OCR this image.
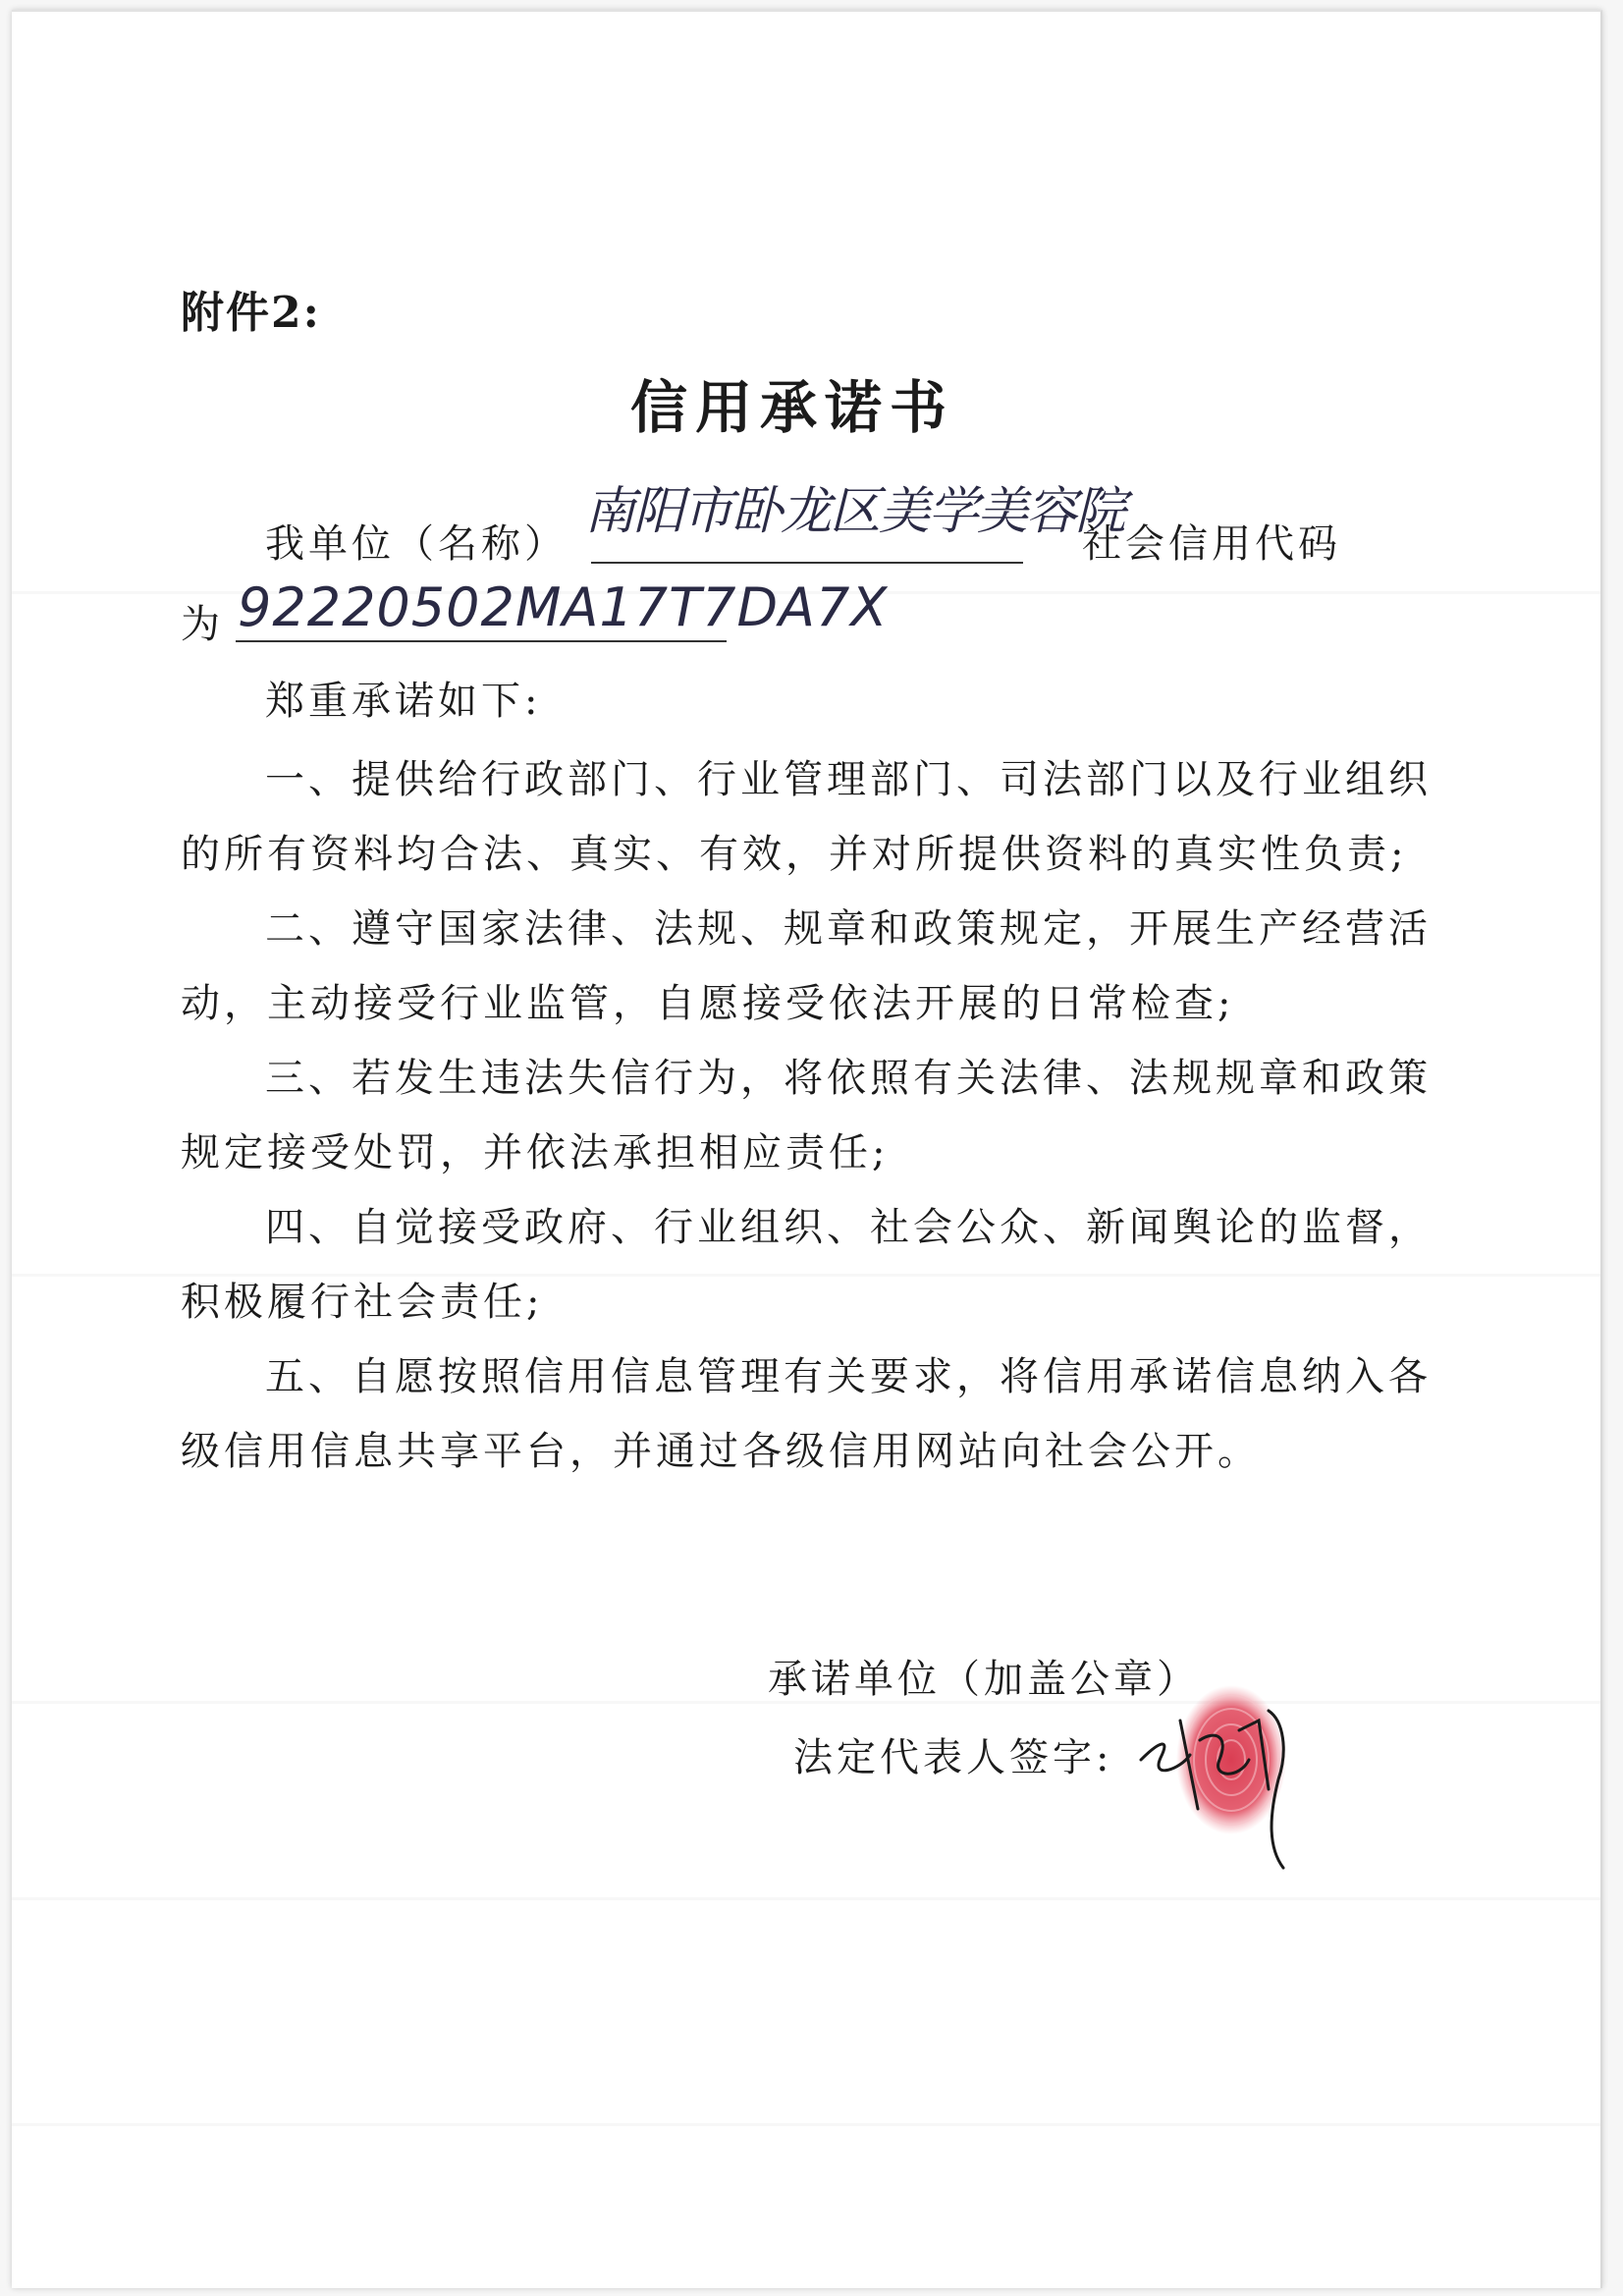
附件2:
信用承诺书
我单位（名称）
南阳市卧龙区美学美容院
社会信用代码
为 92220502MA17T7DA7X
郑重承诺如下:
一、提供给行政部门、行业管理部门、司法部门以及行业组织
的所有资料均合法、真实、有效，并对所提供资料的真实性负责;
二、遵守国家法律、法规、规章和政策规定，开展生产经营活
动，主动接受行业监管，自愿接受依法开展的日常检查;
三、若发生违法失信行为，将依照有关法律、法规规章和政策
规定接受处罚，并依法承担相应责任;
四、自觉接受政府、行业组织、社会公众、新闻舆论的监督，
积极履行社会责任;
五、自愿按照信用信息管理有关要求，将信用承诺信息纳入各
级信用信息共享平台，并通过各级信用网站向社会公开。
承诺单位（加盖公章）
法定代表人签字:
